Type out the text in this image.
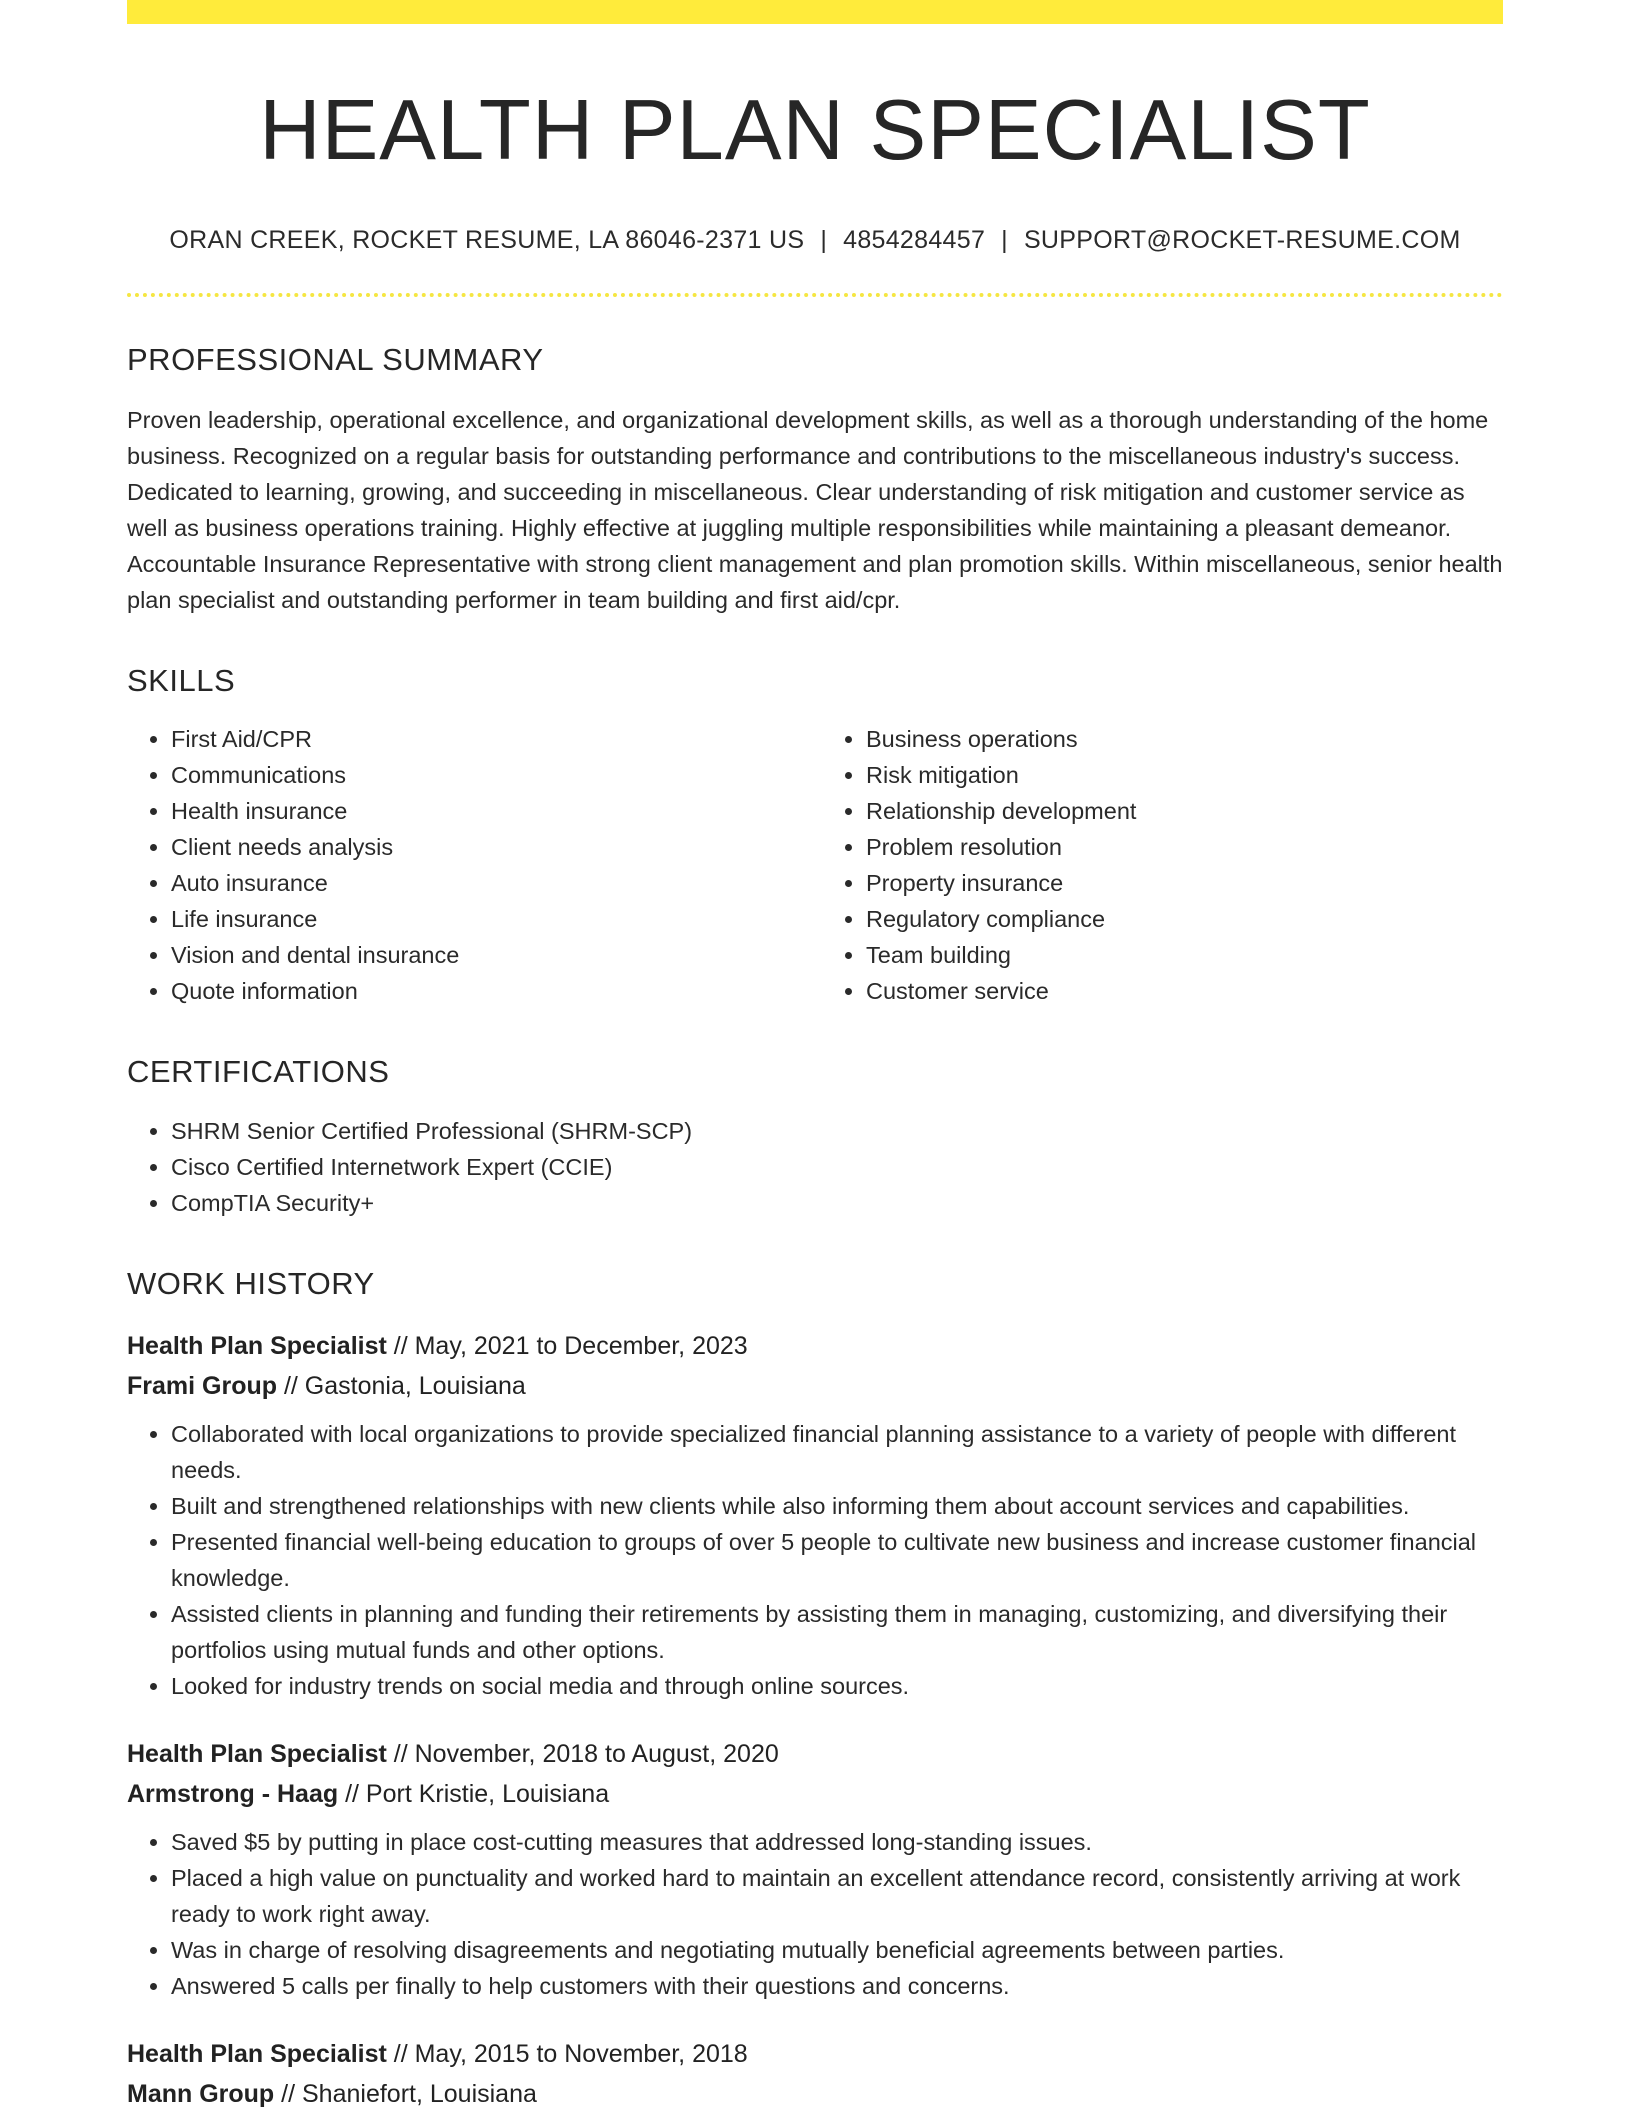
HEALTH PLAN SPECIALIST
ORAN CREEK, ROCKET RESUME, LA 86046-2371 US | 4854284457 | SUPPORT@ROCKET-RESUME.COM
PROFESSIONAL SUMMARY
Proven leadership, operational excellence, and organizational development skills, as well as a thorough understanding of the home business. Recognized on a regular basis for outstanding performance and contributions to the miscellaneous industry's success. Dedicated to learning, growing, and succeeding in miscellaneous. Clear understanding of risk mitigation and customer service as well as business operations training. Highly effective at juggling multiple responsibilities while maintaining a pleasant demeanor. Accountable Insurance Representative with strong client management and plan promotion skills. Within miscellaneous, senior health plan specialist and outstanding performer in team building and first aid/cpr.
SKILLS
• First Aid/CPR
• Communications
• Health insurance
• Client needs analysis
• Auto insurance
• Life insurance
• Vision and dental insurance
• Quote information
• Business operations
• Risk mitigation
• Relationship development
• Problem resolution
• Property insurance
• Regulatory compliance
• Team building
• Customer service
CERTIFICATIONS
• SHRM Senior Certified Professional (SHRM-SCP)
• Cisco Certified Internetwork Expert (CCIE)
• CompTIA Security+
WORK HISTORY
Health Plan Specialist // May, 2021 to December, 2023
Frami Group // Gastonia, Louisiana
• Collaborated with local organizations to provide specialized financial planning assistance to a variety of people with different needs.
• Built and strengthened relationships with new clients while also informing them about account services and capabilities.
• Presented financial well-being education to groups of over 5 people to cultivate new business and increase customer financial knowledge.
• Assisted clients in planning and funding their retirements by assisting them in managing, customizing, and diversifying their portfolios using mutual funds and other options.
• Looked for industry trends on social media and through online sources.
Health Plan Specialist // November, 2018 to August, 2020
Armstrong - Haag // Port Kristie, Louisiana
• Saved $5 by putting in place cost-cutting measures that addressed long-standing issues.
• Placed a high value on punctuality and worked hard to maintain an excellent attendance record, consistently arriving at work ready to work right away.
• Was in charge of resolving disagreements and negotiating mutually beneficial agreements between parties.
• Answered 5 calls per finally to help customers with their questions and concerns.
Health Plan Specialist // May, 2015 to November, 2018
Mann Group // Shaniefort, Louisiana
